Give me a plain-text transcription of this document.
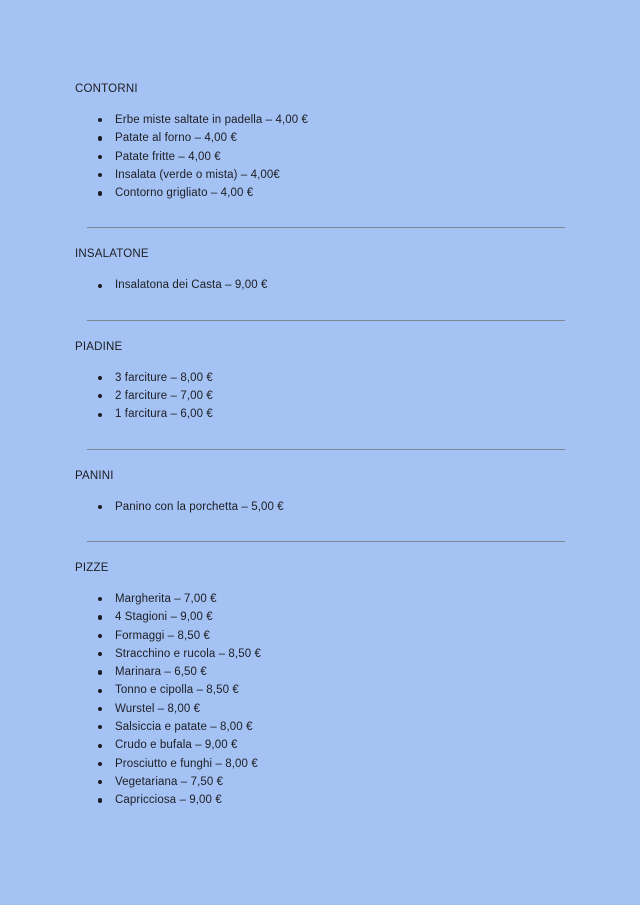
CONTORNI
Erbe miste saltate in padella – 4,00 €
Patate al forno – 4,00 €
Patate fritte – 4,00 €
Insalata (verde o mista) – 4,00€
Contorno grigliato – 4,00 €
INSALATONE
Insalatona dei Casta – 9,00 €
PIADINE
3 farciture – 8,00 €
2 farciture – 7,00 €
1 farcitura – 6,00 €
PANINI
Panino con la porchetta – 5,00 €
PIZZE
Margherita – 7,00 €
4 Stagioni – 9,00 €
Formaggi – 8,50 €
Stracchino e rucola – 8,50 €
Marinara – 6,50 €
Tonno e cipolla – 8,50 €
Wurstel – 8,00 €
Salsiccia e patate – 8,00 €
Crudo e bufala – 9,00 €
Prosciutto e funghi – 8,00 €
Vegetariana – 7,50 €
Capricciosa – 9,00 €
